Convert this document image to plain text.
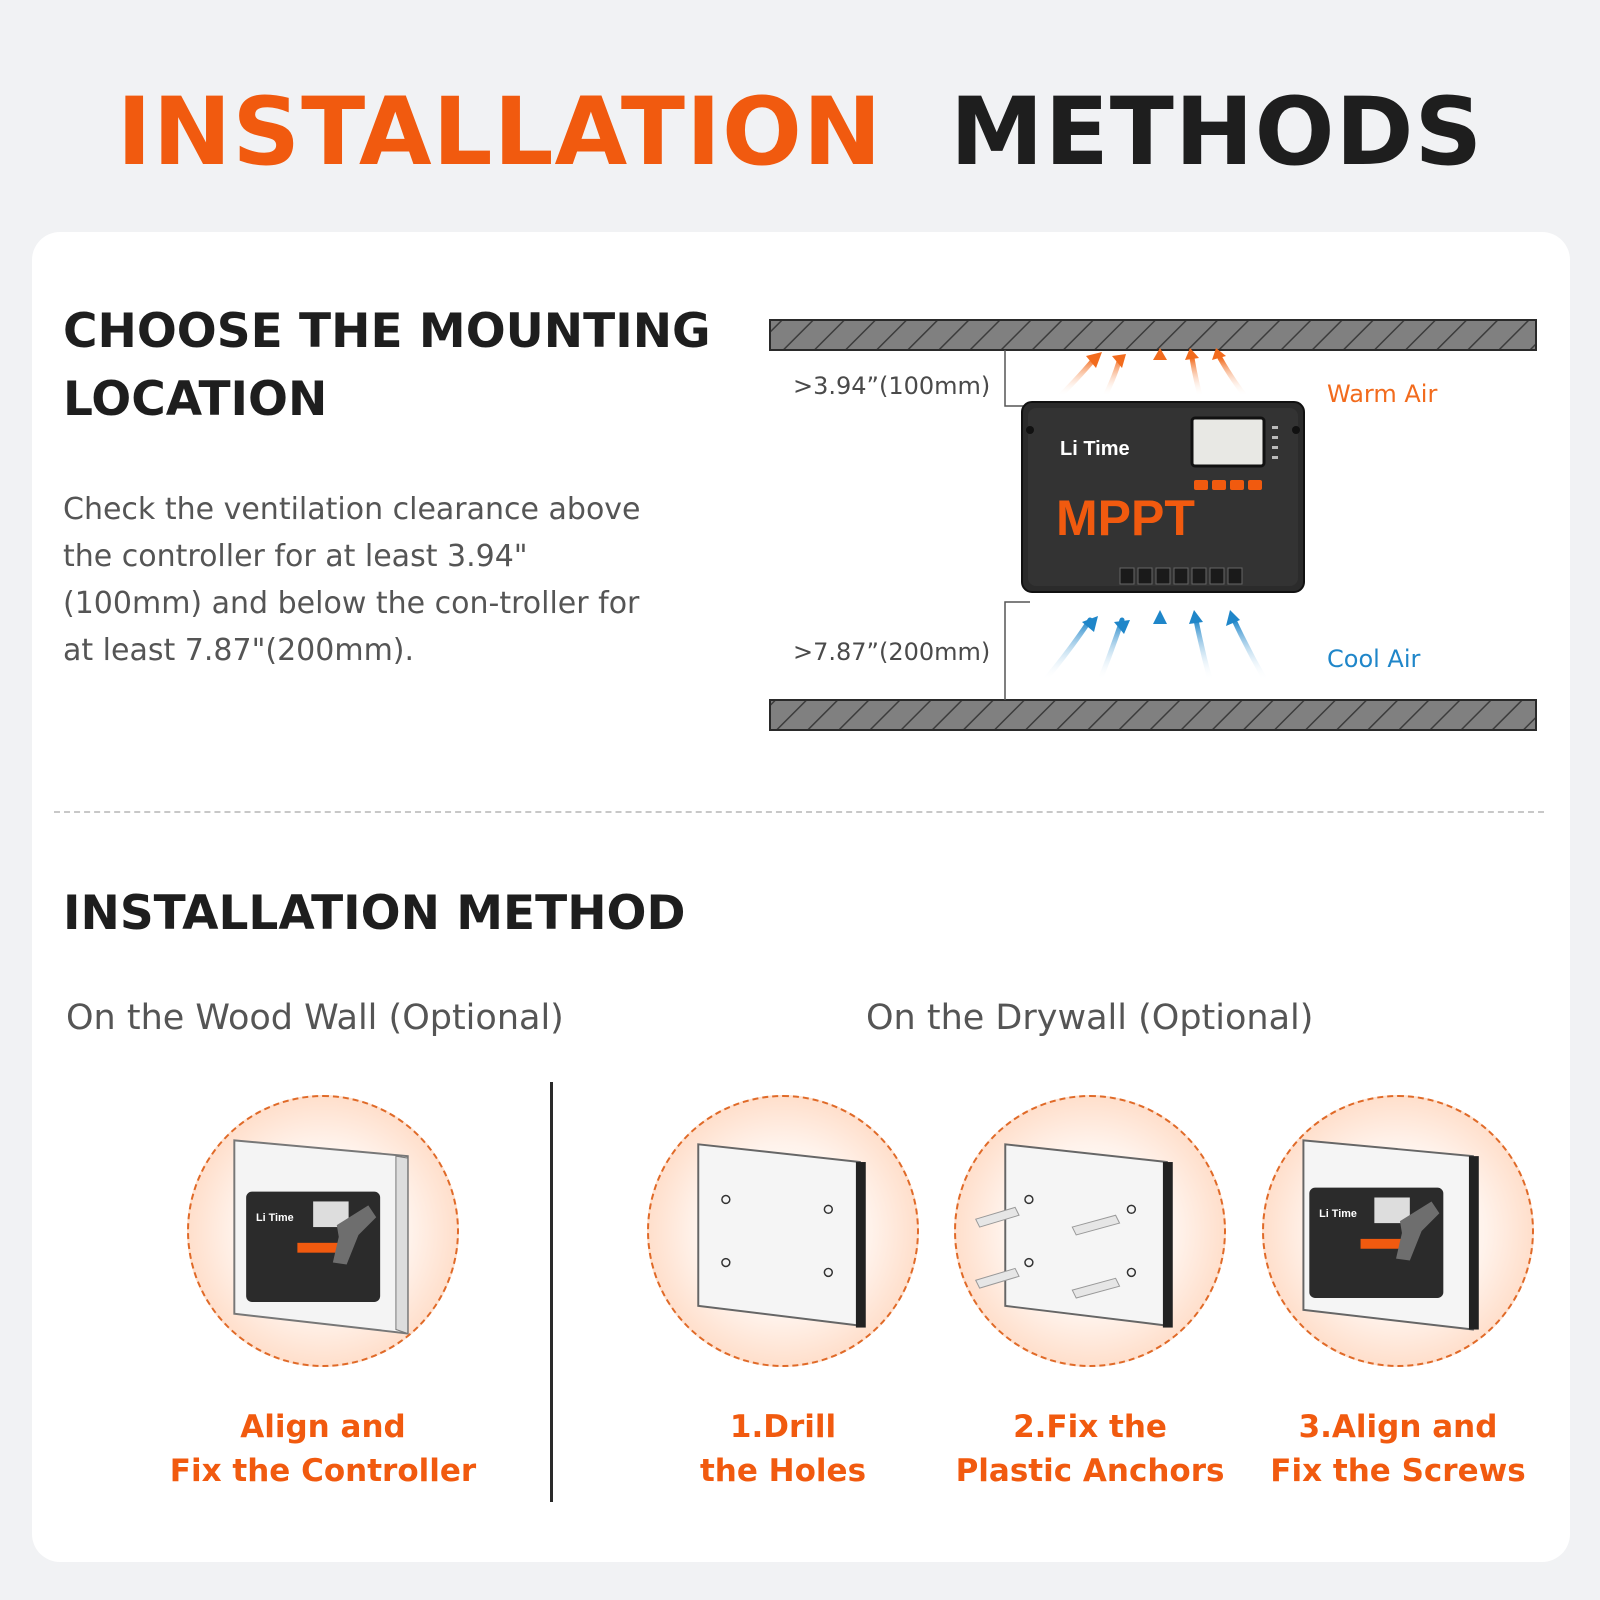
INSTALLATION METHODS
CHOOSE THE MOUNTING
LOCATION
Check the ventilation clearance above the controller for at least 3.94"(100mm) and below the con-troller for at least 7.87"(200mm).
Li Time
MPPT
>3.94”(100mm)
>7.87”(200mm)
Warm Air
Cool Air
INSTALLATION METHOD
On the Wood Wall (Optional)	On the Drywall (Optional)
Li Time	Li Time
Align and
Fix the Controller
1.Drill
the Holes
2.Fix the
Plastic Anchors
3.Align and
Fix the Screws
